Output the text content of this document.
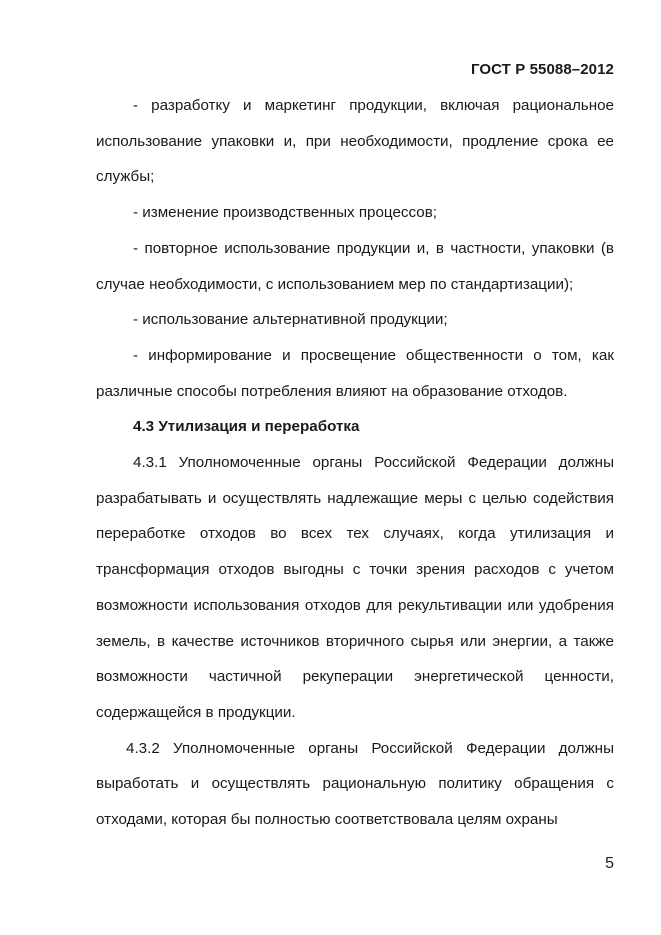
ГОСТ Р 55088–2012

- разработку и маркетинг продукции, включая рациональное использование упаковки и, при необходимости, продление срока ее службы;

- изменение производственных процессов;

- повторное использование продукции и, в частности, упаковки (в случае необходимости, с использованием мер по стандартизации);

- использование альтернативной продукции;

- информирование и просвещение общественности о том, как различные способы потребления влияют на образование отходов.

4.3 Утилизация и переработка

4.3.1 Уполномоченные органы Российской Федерации должны разрабатывать и осуществлять надлежащие меры с целью содействия переработке отходов во всех тех случаях, когда утилизация и трансформация отходов выгодны с точки зрения расходов с учетом возможности использования отходов для рекультивации или удобрения земель, в качестве источников вторичного сырья или энергии, а также возможности частичной рекуперации энергетической ценности, содержащейся в продукции.

4.3.2 Уполномоченные органы Российской Федерации должны выработать и осуществлять рациональную политику обращения с отходами, которая бы полностью соответствовала целям охраны

5
